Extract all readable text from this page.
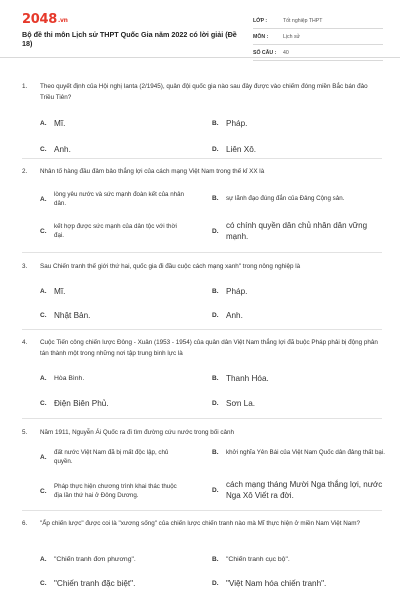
2048.vn
Bộ đề thi môn Lịch sử THPT Quốc Gia năm 2022 có lời giải (Đề 18)
LỚP :	Tốt nghiệp THPT
MÔN :	Lịch sử
SỐ CÂU :	40
1.	Theo quyết định của Hội nghị Ianta (2/1945), quân đội quốc gia nào sau đây được vào chiếm đóng miền Bắc bán đảo Triều Tiên?
A. Mĩ.	B. Pháp.
C. Anh.	D. Liên Xô.
2.	Nhân tố hàng đầu đảm bảo thắng lợi của cách mạng Việt Nam trong thế kỉ XX là
A.
lòng yêu nước và sức mạnh đoàn kết của nhân dân.
B.	sự lãnh đạo đúng đắn của Đảng Cộng sản.
C.
kết hợp được sức mạnh của dân tộc với thời đại.
D.
có chính quyền dân chủ nhân dân vững mạnh.
3.	Sau Chiến tranh thế giới thứ hai, quốc gia đi đầu cuộc cách mạng xanh" trong nông nghiệp là
A. Mĩ.	B. Pháp.
C. Nhật Bản.	D. Anh.
4.	Cuộc Tiến công chiến lược Đông - Xuân (1953 - 1954) của quân dân Việt Nam thắng lợi đã buộc Pháp phải bị động phân tán thành một trong những nơi tập trung binh lực là
A.	Hòa Bình.	B. Thanh Hóa.
C. Điện Biên Phủ.	D. Sơn La.
5.	Năm 1911, Nguyễn Ái Quốc ra đi tìm đường cứu nước trong bối cảnh
A.
đất nước Việt Nam đã bị mất độc lập, chủ quyền.
B.	khởi nghĩa Yên Bái của Việt Nam Quốc dân đảng thất bại.
C.
Pháp thực hiện chương trình khai thác thuộc địa lần thứ hai ở Đông Dương.
D.
cách mạng tháng Mười Nga thắng lợi, nước Nga Xô Viết ra đời.
6.	"Ấp chiến lược" được coi là "xương sống" của chiến lược chiến tranh nào mà Mĩ thực hiện ở miền Nam Việt Nam?
A.	"Chiến tranh đơn phương".	B.	"Chiến tranh cục bộ".
C. "Chiến tranh đặc biệt".	D. "Việt Nam hóa chiến tranh".
